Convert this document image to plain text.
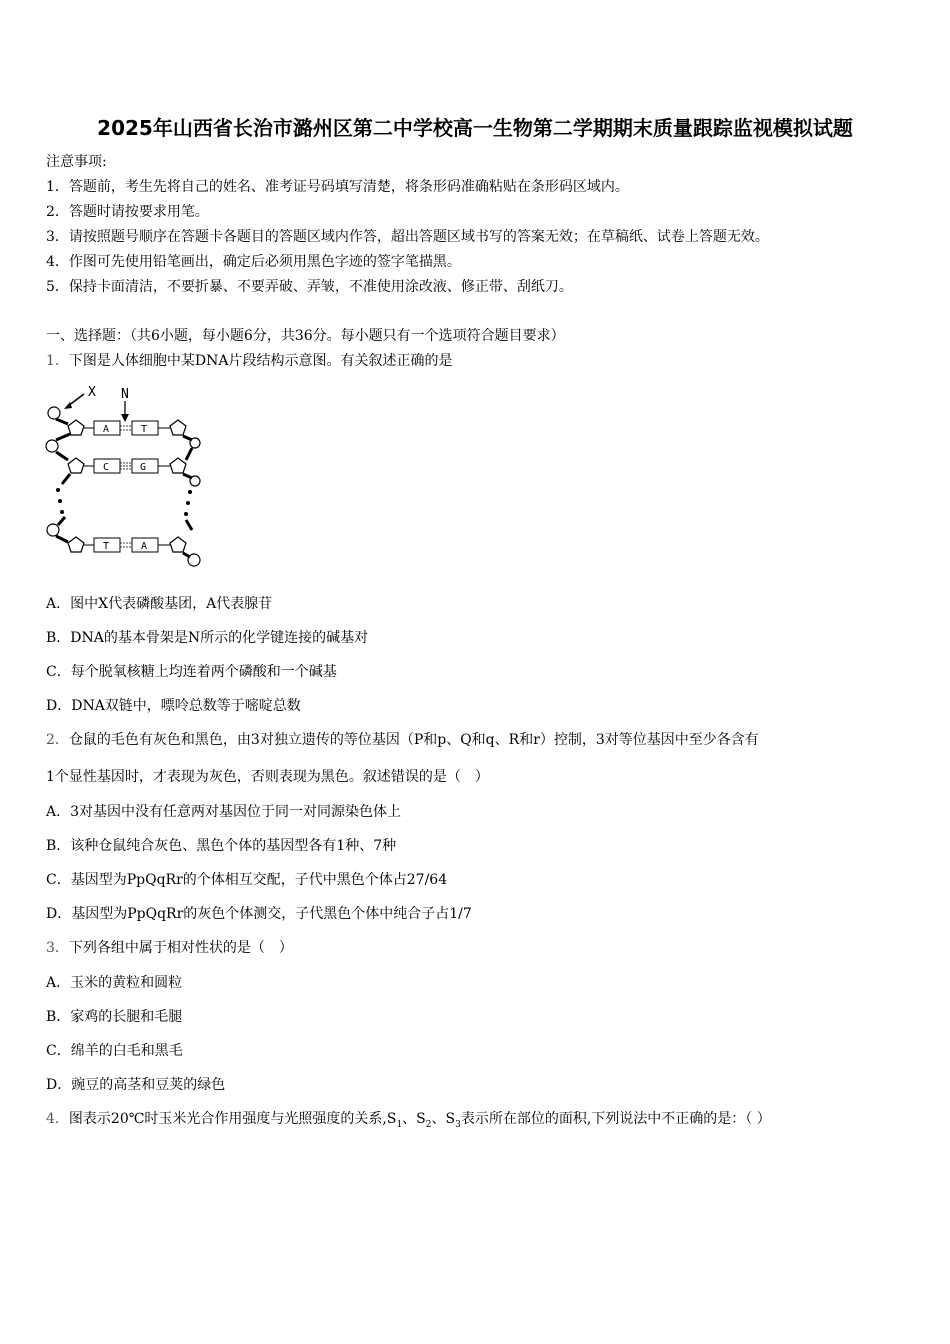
2025年山西省长治市潞州区第二中学校高一生物第二学期期末质量跟踪监视模拟试题
注意事项:
1．答题前，考生先将自己的姓名、准考证号码填写清楚，将条形码准确粘贴在条形码区域内。
2．答题时请按要求用笔。
3．请按照题号顺序在答题卡各题目的答题区域内作答，超出答题区域书写的答案无效；在草稿纸、试卷上答题无效。
4．作图可先使用铅笔画出，确定后必须用黑色字迹的签字笔描黑。
5．保持卡面清洁，不要折暴、不要弄破、弄皱，不准使用涂改液、修正带、刮纸刀。
一、选择题：（共6小题，每小题6分，共36分。每小题只有一个选项符合题目要求）
1．下图是人体细胞中某DNA片段结构示意图。有关叙述正确的是
X N
A	T
C	G
T	A
A．图中X代表磷酸基团，A代表腺苷
B．DNA的基本骨架是N所示的化学键连接的碱基对
C．每个脱氧核糖上均连着两个磷酸和一个碱基
D．DNA双链中，嘌呤总数等于嘧啶总数
2．仓鼠的毛色有灰色和黑色，由3对独立遗传的等位基因（P和p、Q和q、R和r）控制，3对等位基因中至少各含有
1个显性基因时，才表现为灰色，否则表现为黑色。叙述错误的是（　）
A．3对基因中没有任意两对基因位于同一对同源染色体上
B．该种仓鼠纯合灰色、黑色个体的基因型各有1种、7种
C．基因型为PpQqRr的个体相互交配，子代中黑色个体占27/64
D．基因型为PpQqRr的灰色个体测交，子代黑色个体中纯合子占1/7
3．下列各组中属于相对性状的是（　）
A．玉米的黄粒和圆粒
B．家鸡的长腿和毛腿
C．绵羊的白毛和黑毛
D．豌豆的高茎和豆荚的绿色
4．图表示20℃时玉米光合作用强度与光照强度的关系$,S_1$、$S_2$、$S_3$表示所在部位的面积,下列说法中不正确的是：（ ）
